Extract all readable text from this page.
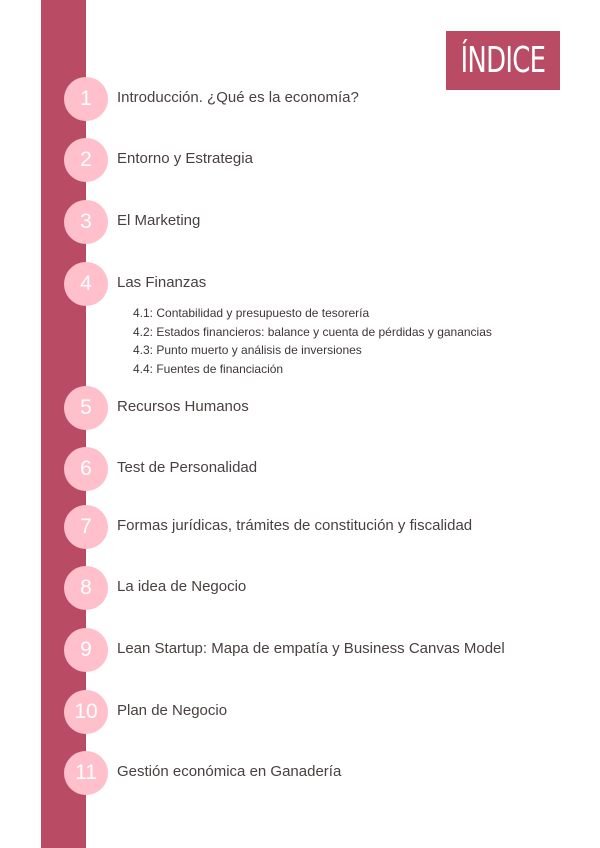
ÍNDICE
1	Introducción. ¿Qué es la economía?
2	Entorno y Estrategia
3	El Marketing
4	Las Finanzas
4.1: Contabilidad y presupuesto de tesorería
4.2: Estados financieros: balance y cuenta de pérdidas y ganancias
4.3: Punto muerto y análisis de inversiones
4.4: Fuentes de financiación
5	Recursos Humanos
6	Test de Personalidad
7	Formas jurídicas, trámites de constitución y fiscalidad
8	La idea de Negocio
9	Lean Startup: Mapa de empatía y Business Canvas Model
10	Plan de Negocio
11	Gestión económica en Ganadería
